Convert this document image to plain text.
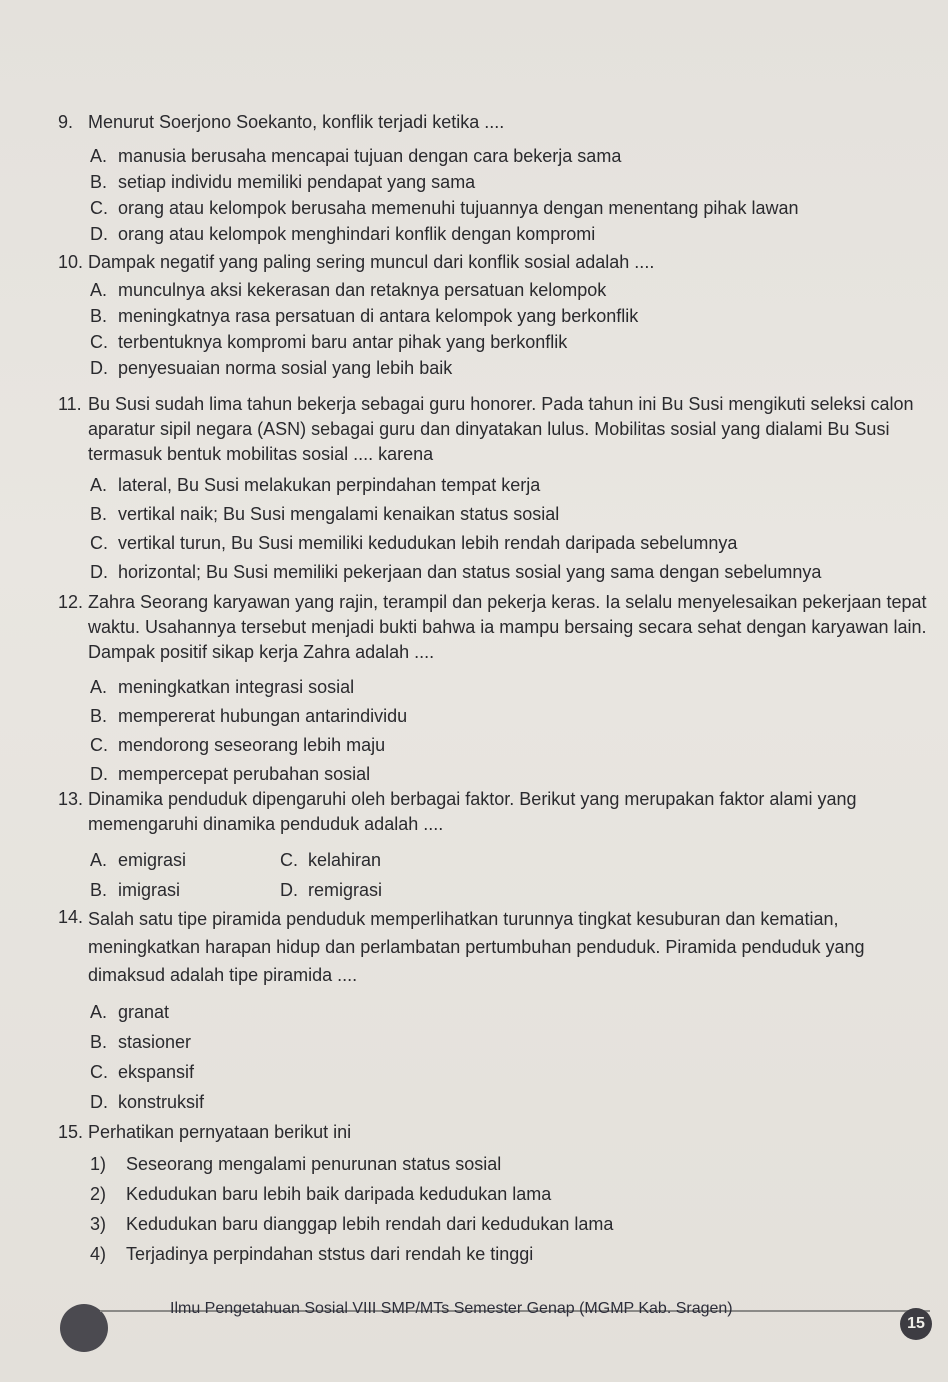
9. Menurut Soerjono Soekanto, konflik terjadi ketika ....
A. manusia berusaha mencapai tujuan dengan cara bekerja sama
B. setiap individu memiliki pendapat yang sama
C. orang atau kelompok berusaha memenuhi tujuannya dengan menentang pihak lawan
D. orang atau kelompok menghindari konflik dengan kompromi
10. Dampak negatif yang paling sering muncul dari konflik sosial adalah ....
A. munculnya aksi kekerasan dan retaknya persatuan kelompok
B. meningkatnya rasa persatuan di antara kelompok yang berkonflik
C. terbentuknya kompromi baru antar pihak yang berkonflik
D. penyesuaian norma sosial yang lebih baik
11. Bu Susi sudah lima tahun bekerja sebagai guru honorer. Pada tahun ini Bu Susi mengikuti seleksi calon aparatur sipil negara (ASN) sebagai guru dan dinyatakan lulus. Mobilitas sosial yang dialami Bu Susi termasuk bentuk mobilitas sosial .... karena
A. lateral, Bu Susi melakukan perpindahan tempat kerja
B. vertikal naik; Bu Susi mengalami kenaikan status sosial
C. vertikal turun, Bu Susi memiliki kedudukan lebih rendah daripada sebelumnya
D. horizontal; Bu Susi memiliki pekerjaan dan status sosial yang sama dengan sebelumnya
12. Zahra Seorang karyawan yang rajin, terampil dan pekerja keras. Ia selalu menyelesaikan pekerjaan tepat waktu. Usahannya tersebut menjadi bukti bahwa ia mampu bersaing secara sehat dengan karyawan lain. Dampak positif sikap kerja Zahra adalah ....
A. meningkatkan integrasi sosial
B. mempererat hubungan antarindividu
C. mendorong seseorang lebih maju
D. mempercepat perubahan sosial
13. Dinamika penduduk dipengaruhi oleh berbagai faktor. Berikut yang merupakan faktor alami yang memengaruhi dinamika penduduk adalah ....
A. emigrasi	C. kelahiran
B. imigrasi	D. remigrasi
14. Salah satu tipe piramida penduduk memperlihatkan turunnya tingkat kesuburan dan kematian, meningkatkan harapan hidup dan perlambatan pertumbuhan penduduk. Piramida penduduk yang dimaksud adalah tipe piramida ....
A. granat
B. stasioner
C. ekspansif
D. konstruksif
15. Perhatikan pernyataan berikut ini
1)	Seseorang mengalami penurunan status sosial
2)	Kedudukan baru lebih baik daripada kedudukan lama
3)	Kedudukan baru dianggap lebih rendah dari kedudukan lama
4)	Terjadinya perpindahan ststus dari rendah ke tinggi
Ilmu Pengetahuan Sosial VIII SMP/MTs Semester Genap (MGMP Kab. Sragen)
15
